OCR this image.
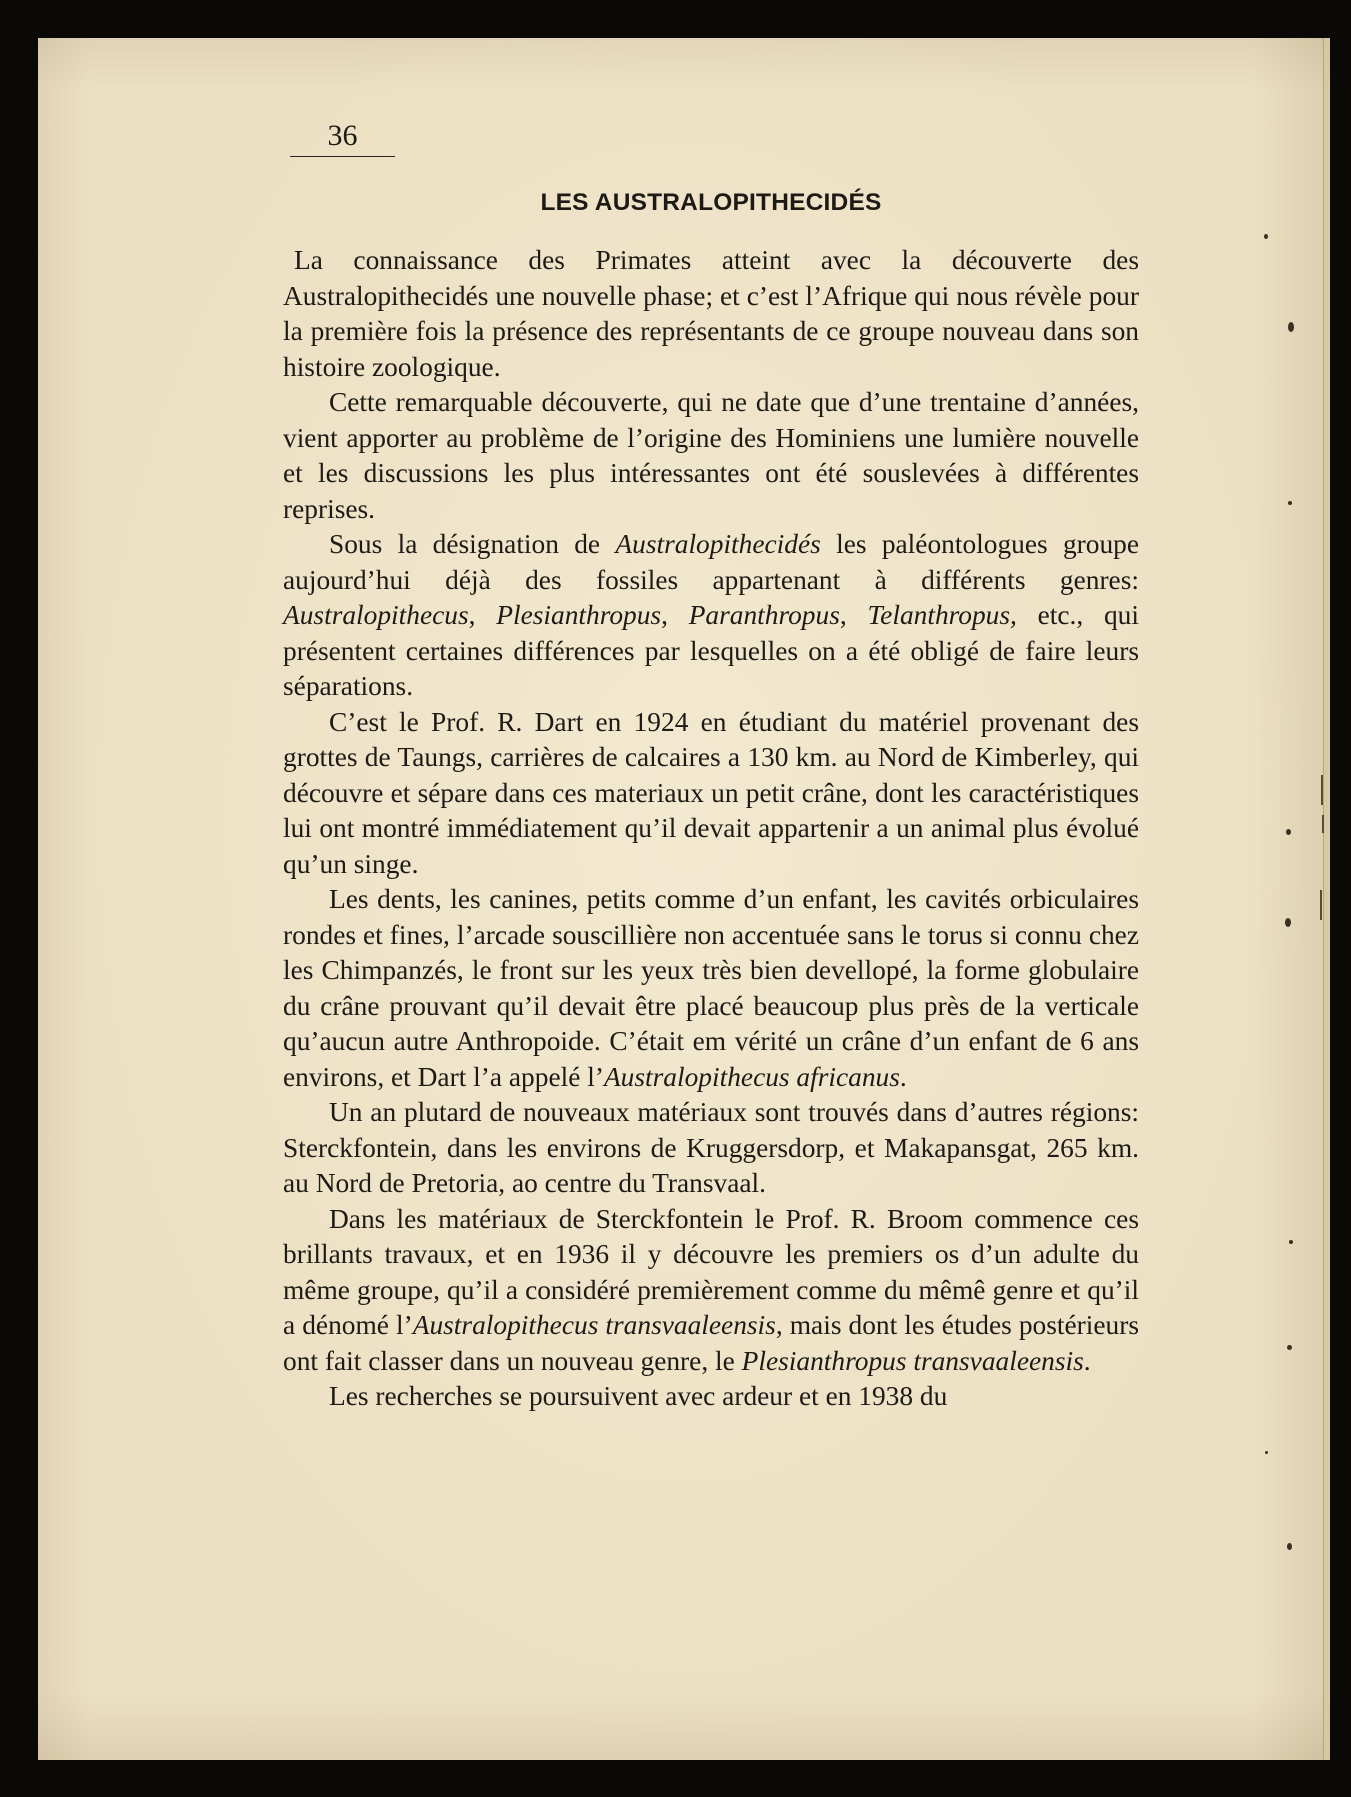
36
LES AUSTRALOPITHECIDÉS

La connaissance des Primates atteint avec la découverte des Australopithecidés une nouvelle phase; et c’est l’Afrique qui nous révèle pour la première fois la présence des représentants de ce groupe nouveau dans son histoire zoologique.

Cette remarquable découverte, qui ne date que d’une trentaine d’années, vient apporter au problème de l’origine des Hominiens une lumière nouvelle et les discussions les plus intéressantes ont été souslevées à différentes reprises.

Sous la désignation de Australopithecidés les paléontologues groupe aujourd’hui déjà des fossiles appartenant à différents genres: Australopithecus, Plesianthropus, Paranthropus, Telanthropus, etc., qui présentent certaines différences par lesquelles on a été obligé de faire leurs séparations.

C’est le Prof. R. Dart en 1924 en étudiant du matériel provenant des grottes de Taungs, carrières de calcaires a 130 km. au Nord de Kimberley, qui découvre et sépare dans ces materiaux un petit crâne, dont les caractéristiques lui ont montré immédiatement qu’il devait appartenir a un animal plus évolué qu’un singe.

Les dents, les canines, petits comme d’un enfant, les cavités orbiculaires rondes et fines, l’arcade souscillière non accentuée sans le torus si connu chez les Chimpanzés, le front sur les yeux très bien devellopé, la forme globulaire du crâne prouvant qu’il devait être placé beaucoup plus près de la verticale qu’aucun autre Anthropoide. C’était em vérité un crâne d’un enfant de 6 ans environs, et Dart l’a appelé l’Australopithecus africanus.

Un an plutard de nouveaux matériaux sont trouvés dans d’autres régions: Sterckfontein, dans les environs de Kruggersdorp, et Makapansgat, 265 km. au Nord de Pretoria, ao centre du Transvaal.

Dans les matériaux de Sterckfontein le Prof. R. Broom commence ces brillants travaux, et en 1936 il y découvre les premiers os d’un adulte du même groupe, qu’il a considéré premièrement comme du mêmê genre et qu’il a dénomé l’Australopithecus transvaaleensis, mais dont les études postérieurs ont fait classer dans un nouveau genre, le Plesianthropus transvaaleensis.

Les recherches se poursuivent avec ardeur et en 1938 du
